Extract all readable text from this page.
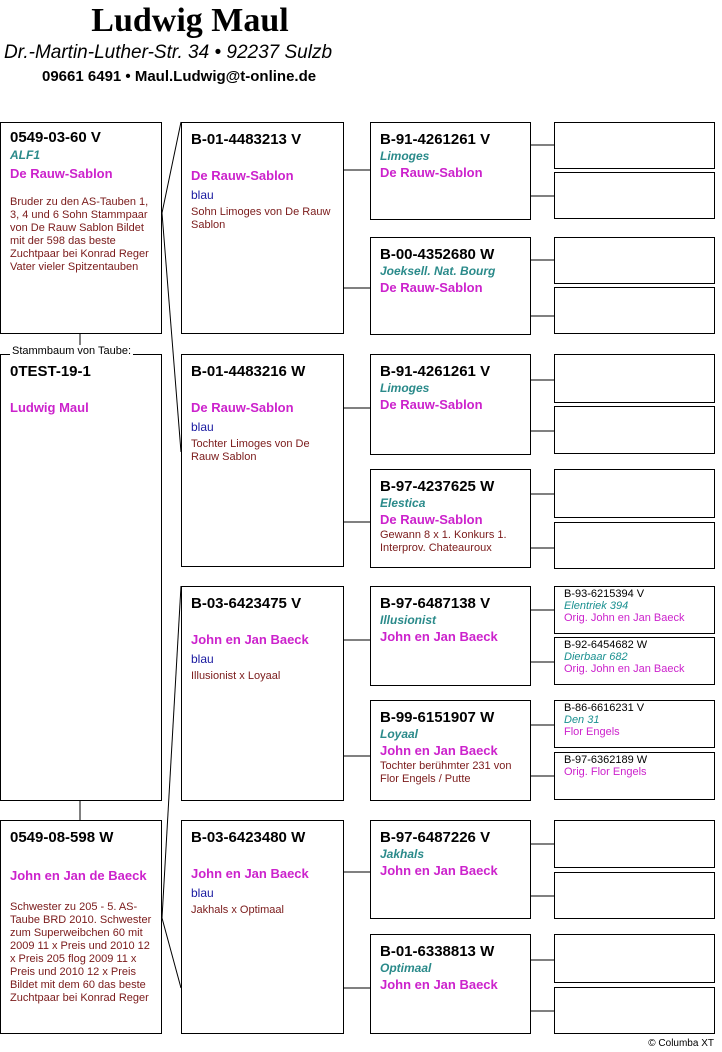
Ludwig Maul
Dr.-Martin-Luther-Str. 34 • 92237 Sulzb
09661 6491 • Maul.Ludwig@t-online.de
0549-03-60 V
ALF1
De Rauw-Sablon
Bruder zu den AS-Tauben 1, 3, 4 und 6 Sohn Stammpaar von De Rauw Sablon Bildet mit der 598 das beste Zuchtpaar bei Konrad Reger Vater vieler Spitzentauben
Stammbaum von Taube:
0TEST-19-1
Ludwig Maul
0549-08-598 W
John en Jan de Baeck
Schwester zu 205 - 5. AS-Taube BRD 2010. Schwester zum Superweibchen 60 mit 2009 11 x Preis und 2010 12 x Preis 205 flog 2009 11 x Preis und 2010 12 x Preis Bildet mit dem 60 das beste Zuchtpaar bei Konrad Reger
B-01-4483213 V
De Rauw-Sablon
blau
Sohn Limoges von De Rauw Sablon
B-01-4483216 W
De Rauw-Sablon
blau
Tochter Limoges von De Rauw Sablon
B-03-6423475 V
John en Jan Baeck
blau
Illusionist x Loyaal
B-03-6423480 W
John en Jan Baeck
blau
Jakhals x Optimaal
B-91-4261261 V
Limoges
De Rauw-Sablon
B-00-4352680 W
Joeksell. Nat. Bourg
De Rauw-Sablon
B-91-4261261 V
Limoges
De Rauw-Sablon
B-97-4237625 W
Elestica
De Rauw-Sablon
Gewann 8 x 1. Konkurs 1. Interprov. Chateauroux
B-97-6487138 V
Illusionist
John en Jan Baeck
B-99-6151907 W
Loyaal
John en Jan Baeck
Tochter berühmter 231 von Flor Engels / Putte
B-97-6487226 V
Jakhals
John en Jan Baeck
B-01-6338813 W
Optimaal
John en Jan Baeck
B-93-6215394 V
Elentriek 394
Orig. John en Jan Baeck
B-92-6454682 W
Dierbaar 682
Orig. John en Jan Baeck
B-86-6616231 V
Den 31
Flor Engels
B-97-6362189 W
Orig. Flor Engels
© Columba XT
